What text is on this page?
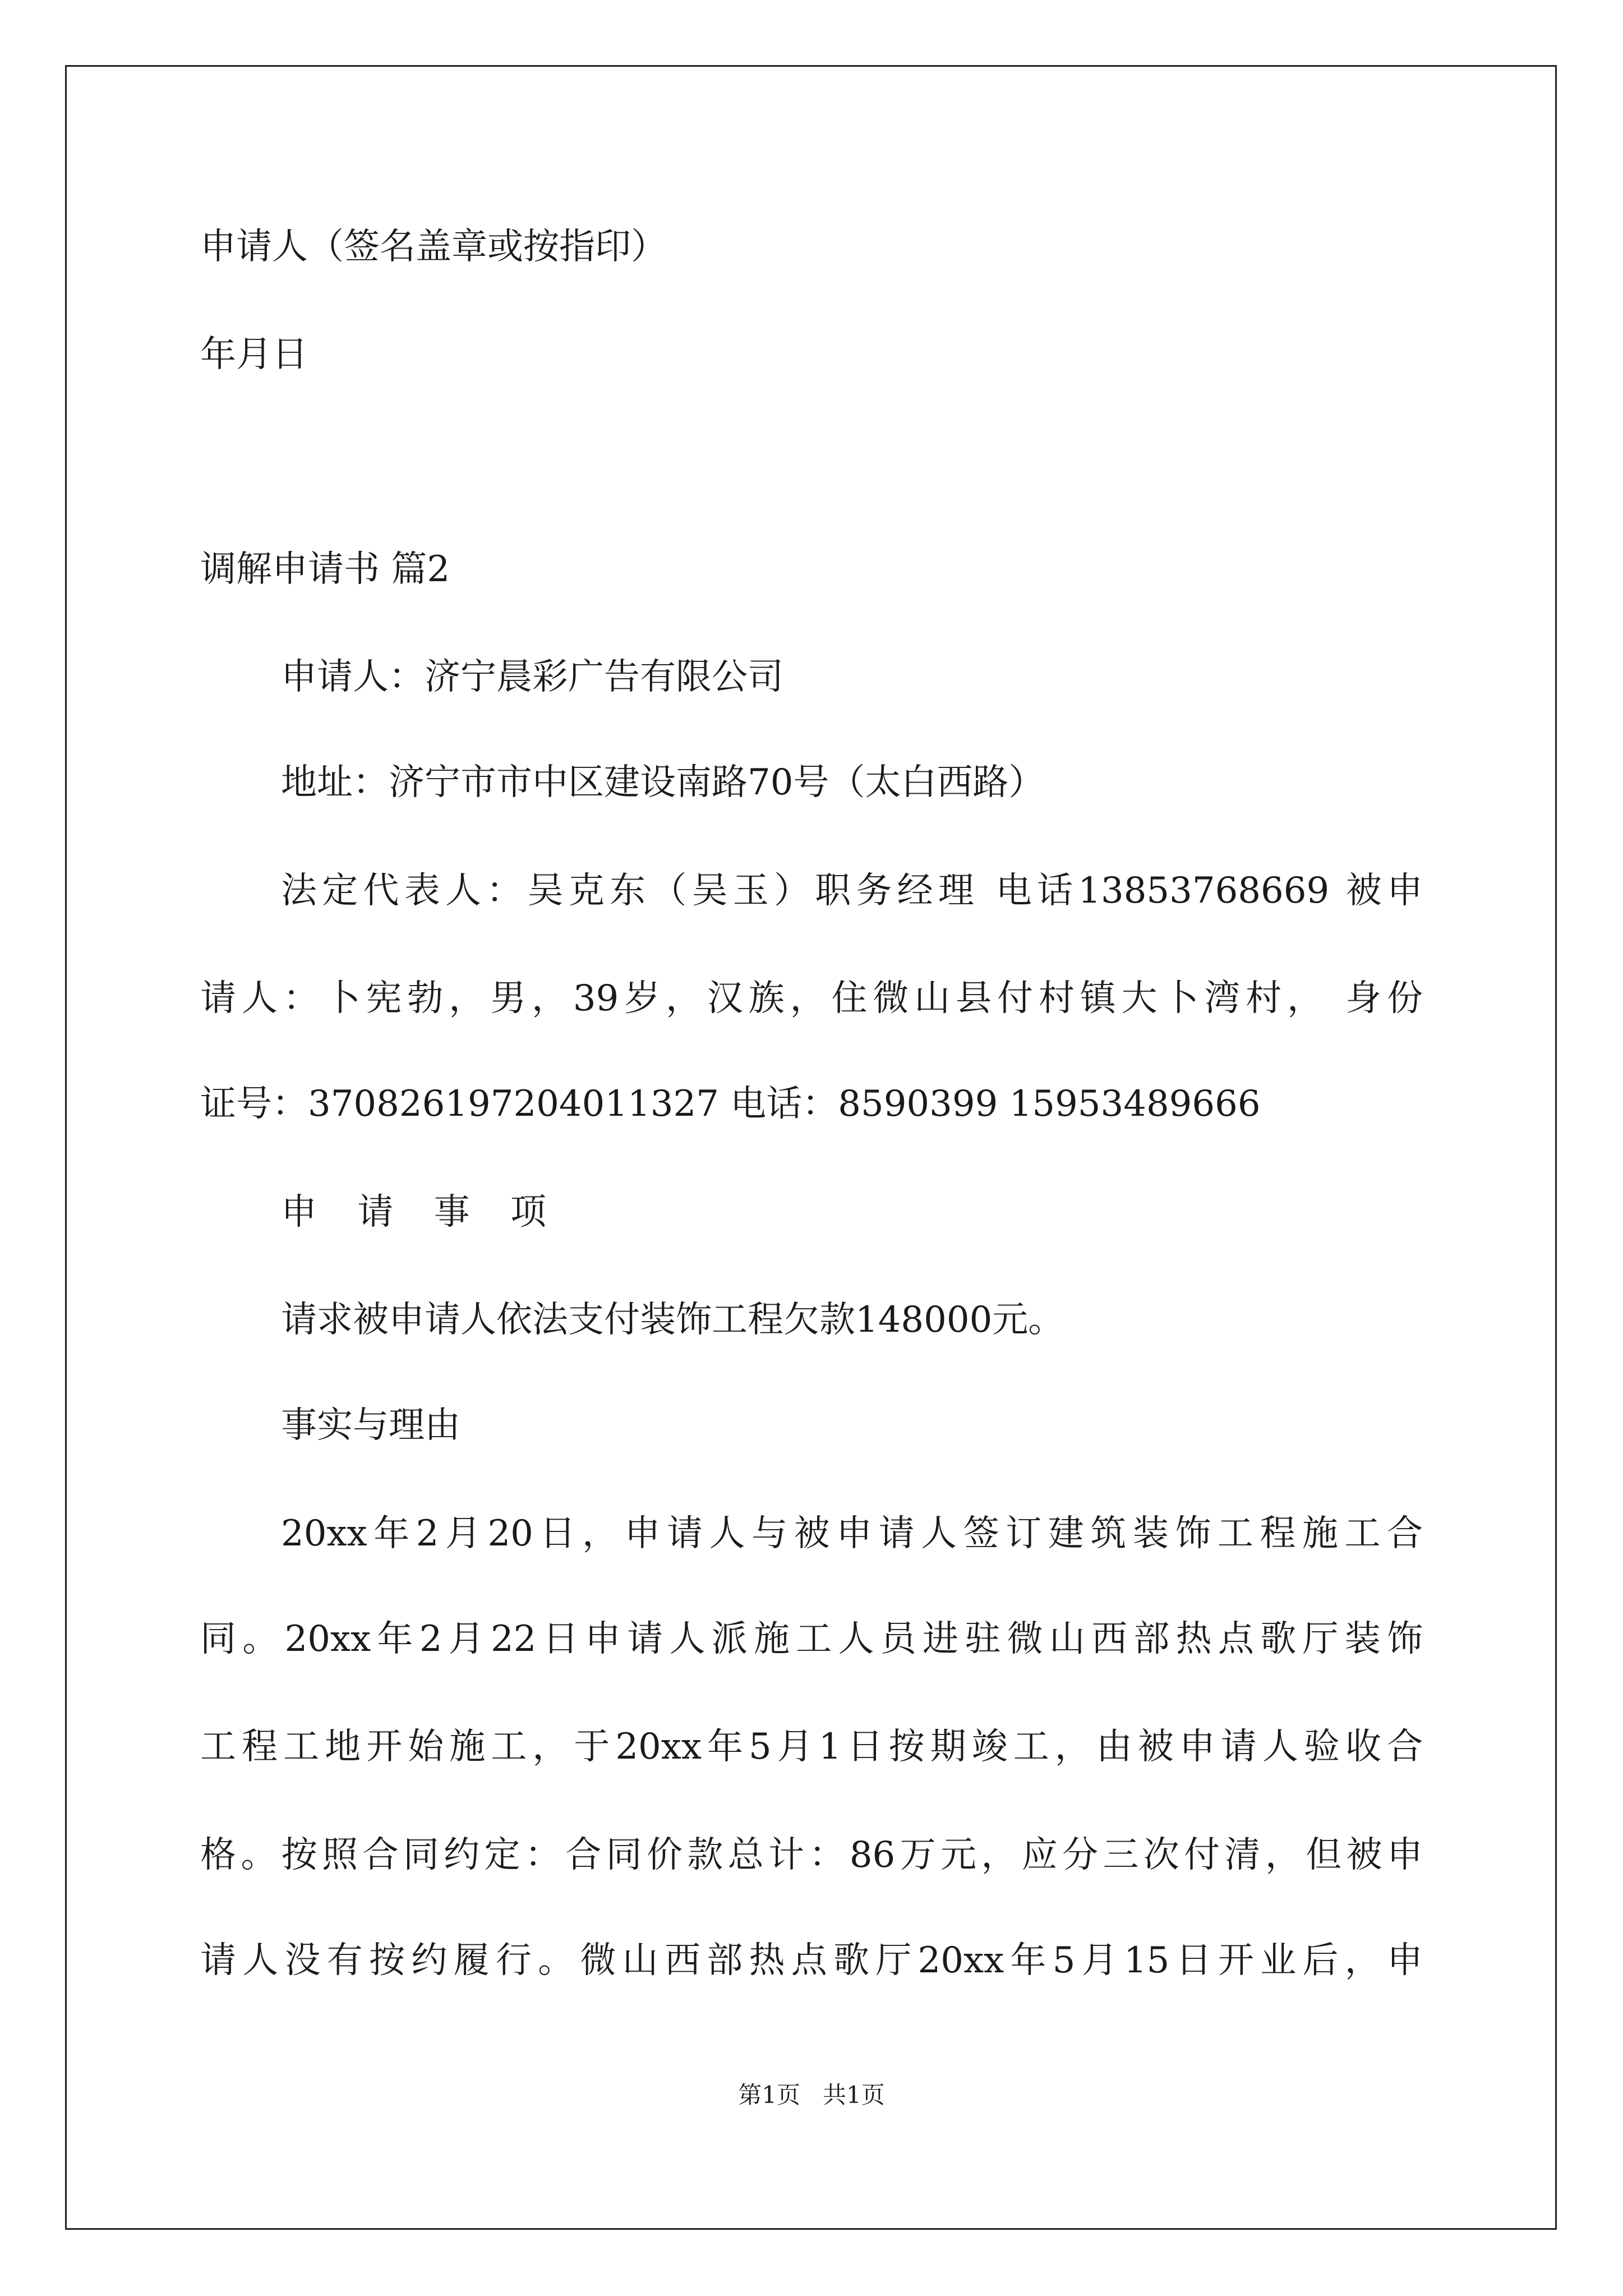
申请人（签名盖章或按指印）
年月日
调解申请书 篇2
申请人：济宁晨彩广告有限公司
地址：济宁市市中区建设南路70号（太白西路）
法定代表人：吴克东（吴玉）职务经理 电话13853768669 被申
请人：卜宪勃，男，39岁，汉族，住微山县付村镇大卜湾村， 身份
证号：370826197204011327 电话：8590399 15953489666
申 请 事 项
请求被申请人依法支付装饰工程欠款148000元。
事实与理由
20xx年2月20日，申请人与被申请人签订建筑装饰工程施工合
同。20xx年2月22日申请人派施工人员进驻微山西部热点歌厅装饰
工程工地开始施工，于20xx年5月1日按期竣工，由被申请人验收合
格。按照合同约定：合同价款总计：86万元，应分三次付清，但被申
请人没有按约履行。微山西部热点歌厅20xx年5月15日开业后，申
第1页 共1页
